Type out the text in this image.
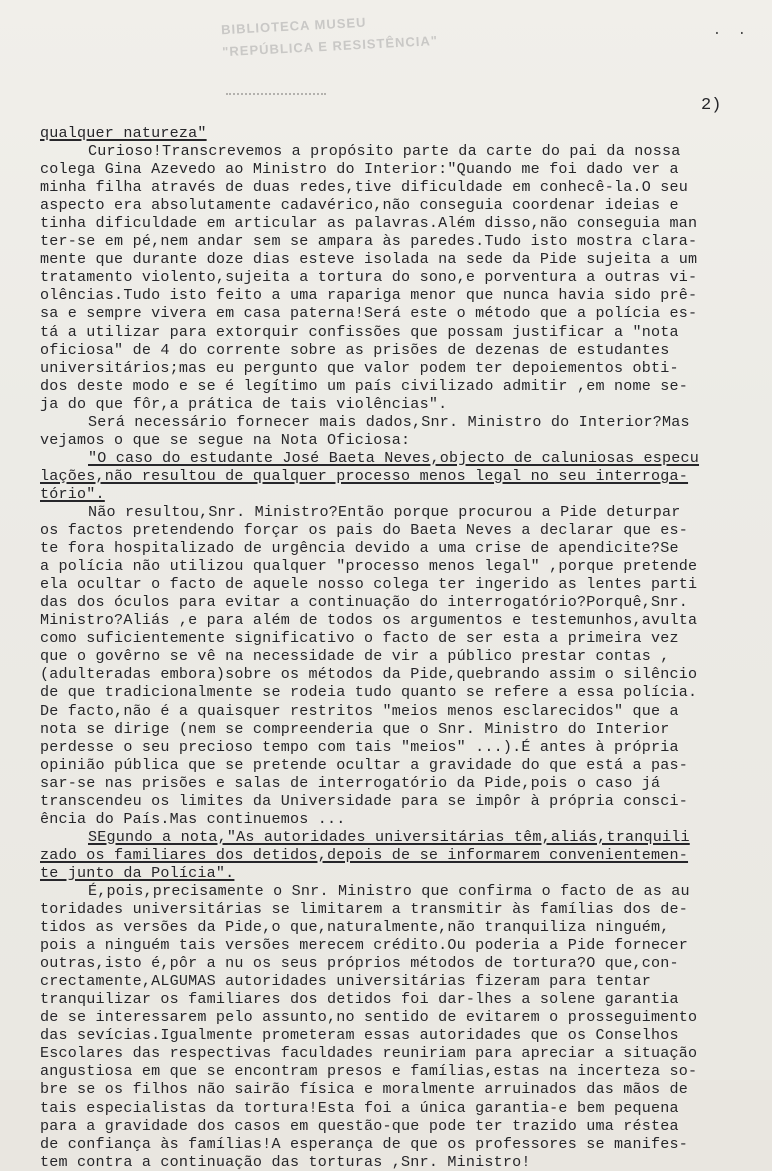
BIBLIOTECA MUSEU
"REPÚBLICA E RESISTÊNCIA"	· ·
2)
qualquer natureza"
Curioso!Transcrevemos a propósito parte da carte do pai da nossa
colega Gina Azevedo ao Ministro do Interior:"Quando me foi dado ver a
minha filha através de duas redes,tive dificuldade em conhecê-la.O seu
aspecto era absolutamente cadavérico,não conseguia coordenar ideias e
tinha dificuldade em articular as palavras.Além disso,não conseguia man
ter-se em pé,nem andar sem se ampara às paredes.Tudo isto mostra clara-
mente que durante doze dias esteve isolada na sede da Pide sujeita a um
tratamento violento,sujeita a tortura do sono,e porventura a outras vi-
olências.Tudo isto feito a uma rapariga menor que nunca havia sido prê-
sa e sempre vivera em casa paterna!Será este o método que a polícia es-
tá a utilizar para extorquir confissões que possam justificar a "nota
oficiosa" de 4 do corrente sobre as prisões de dezenas de estudantes
universitários;mas eu pergunto que valor podem ter depoiementos obti-
dos deste modo e se é legítimo um país civilizado admitir ,em nome se-
ja do que fôr,a prática de tais violências".
Será necessário fornecer mais dados,Snr. Ministro do Interior?Mas
vejamos o que se segue na Nota Oficiosa:
"O caso do estudante José Baeta Neves,objecto de caluniosas especu
lações,não resultou de qualquer processo menos legal no seu interroga-
tório".
Não resultou,Snr. Ministro?Então porque procurou a Pide deturpar
os factos pretendendo forçar os pais do Baeta Neves a declarar que es-
te fora hospitalizado de urgência devido a uma crise de apendicite?Se
a polícia não utilizou qualquer "processo menos legal" ,porque pretende
ela ocultar o facto de aquele nosso colega ter ingerido as lentes parti
das dos óculos para evitar a continuação do interrogatório?Porquê,Snr.
Ministro?Aliás ,e para além de todos os argumentos e testemunhos,avulta
como suficientemente significativo o facto de ser esta a primeira vez
que o govêrno se vê na necessidade de vir a público prestar contas ,
(adulteradas embora)sobre os métodos da Pide,quebrando assim o silêncio
de que tradicionalmente se rodeia tudo quanto se refere a essa polícia.
De facto,não é a quaisquer restritos "meios menos esclarecidos" que a
nota se dirige (nem se compreenderia que o Snr. Ministro do Interior
perdesse o seu precioso tempo com tais "meios" ...).É antes à própria
opinião pública que se pretende ocultar a gravidade do que está a pas-
sar-se nas prisões e salas de interrogatório da Pide,pois o caso já
transcendeu os limites da Universidade para se impôr à própria consci-
ência do País.Mas continuemos ...
SEgundo a nota,"As autoridades universitárias têm,aliás,tranquili
zado os familiares dos detidos,depois de se informarem convenientemen-
te junto da Polícia".
É,pois,precisamente o Snr. Ministro que confirma o facto de as au
toridades universitárias se limitarem a transmitir às famílias dos de-
tidos as versões da Pide,o que,naturalmente,não tranquiliza ninguém,
pois a ninguém tais versões merecem crédito.Ou poderia a Pide fornecer
outras,isto é,pôr a nu os seus próprios métodos de tortura?O que,con-
crectamente,ALGUMAS autoridades universitárias fizeram para tentar
tranquilizar os familiares dos detidos foi dar-lhes a solene garantia
de se interessarem pelo assunto,no sentido de evitarem o prosseguimento
das sevícias.Igualmente prometeram essas autoridades que os Conselhos
Escolares das respectivas faculdades reuniriam para apreciar a situação
angustiosa em que se encontram presos e famílias,estas na incerteza so-
bre se os filhos não sairão física e moralmente arruinados das mãos de
tais especialistas da tortura!Esta foi a única garantia-e bem pequena
para a gravidade dos casos em questão-que pode ter trazido uma réstea
de confiança às famílias!A esperança de que os professores se manifes-
tem contra a continuação das torturas ,Snr. Ministro!
